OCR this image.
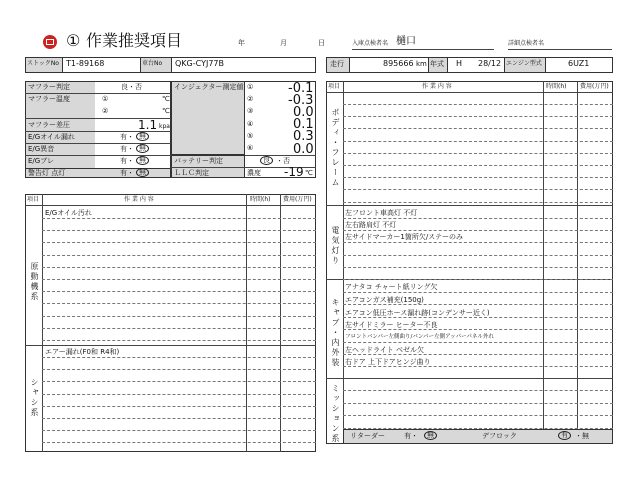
① 作業推奨項目	年	月	日	入庫点検者名 樋口	詳細点検者名
ストックNo T1-89168	車台No QKG-CYJ77B	走行	895666 km 年式 H 28/12 エンジン型式	6UZ1
マフラー判定	良・否
マフラー温度	①	℃
②	℃
マフラー差圧	1.1 kpa
E/Gオイル漏れ	有・ 無
E/G異音	有・ 無
E/Gブレ	有・ 無
警告灯 点灯	有・ 無
インジェクター測定値 ①	-0.1
②	-0.3
③	0.0
④	0.1
⑤	0.3
⑥	0.0
バッテリー判定	良 ・否
ＬＬＣ判定	濃度 -19 ℃
項目	作 業 内 容	時間(h) 費用(万円)
原動機系
E/Gオイル汚れ
シャシ系
エアー漏れ(F0和 R4和)
項目	作 業 内 容	時間(h) 費用(万円)
ボディ・フレーム
電気灯り
左フロント車高灯 不灯
左右路肩灯 不灯
左サイドマーカー1箇所欠/ステーのみ
キャブ・内外装
アナタコ チャート紙リング欠
エアコンガス補充(150g)
エアコン低圧ホース漏れ跡(コンデンサー近く)
左サイドミラー ヒーター不良
フロントバンパー左側曲り/バンパー左側アッパーパネル外れ
左ヘッドライト ベゼル欠
右ドア 上下ドアヒンジ曲り
ミッション系 リターダー	有・	無	デフロック	有	・無
